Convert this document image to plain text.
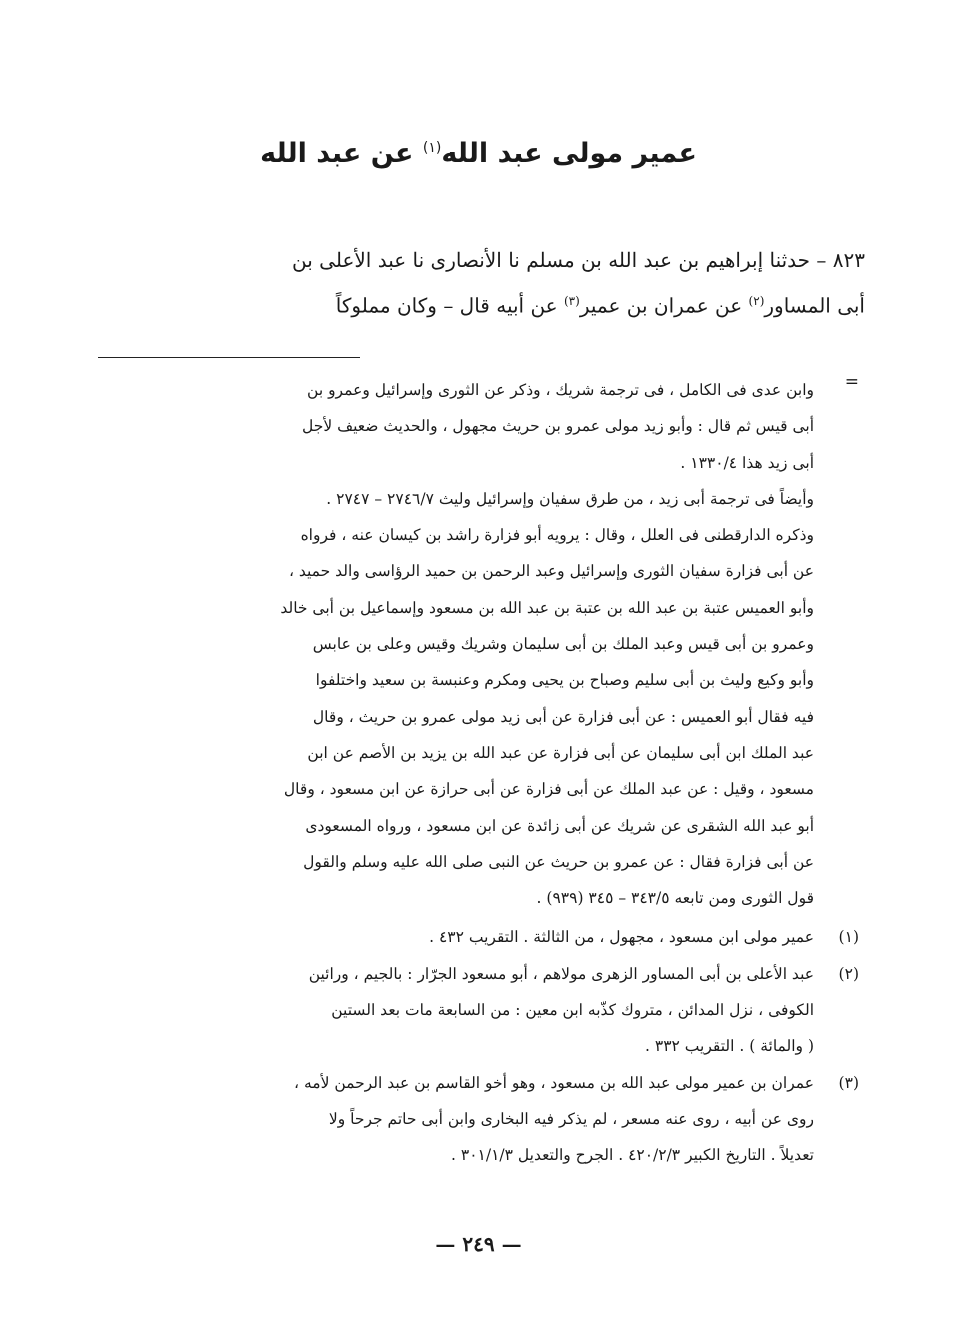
عمير مولى عبد الله$^{(١)}$ عن عبد الله
٨٢٣ – حدثنا إبراهيم بن عبد الله بن مسلم نا الأنصارى نا عبد الأعلى بن
أبى المساور$^{(٢)}$ عن عمران بن عمير$^{(٣)}$ عن أبيه قال – وكان مملوكاً
=
وابن عدى فى الكامل ، فى ترجمة شريك ، وذكر عن الثورى وإسرائيل وعمرو بن
أبى قيس ثم قال : وأبو زيد مولى عمرو بن حريث مجهول ، والحديث ضعيف لأجل
أبى زيد هذا ١٣٣٠/٤ .
وأيضاً فى ترجمة أبى زيد ، من طرق سفيان وإسرائيل وليث ٢٧٤٦/٧ – ٢٧٤٧ .
وذكره الدارقطنى فى العلل ، وقال : يرويه أبو فزارة راشد بن كيسان عنه ، فرواه
عن أبى فزارة سفيان الثورى وإسرائيل وعبد الرحمن بن حميد الرؤاسى والد حميد ،
وأبو العميس عتبة بن عبد الله بن عتبة بن عبد الله بن مسعود وإسماعيل بن أبى خالد
وعمرو بن أبى قيس وعبد الملك بن أبى سليمان وشريك وقيس وعلى بن عابس
وأبو وكيع وليث بن أبى سليم وصباح بن يحيى ومكرم وعنبسة بن سعيد واختلفوا
فيه فقال أبو العميس : عن أبى فزارة عن أبى زيد مولى عمرو بن حريث ، وقال
عبد الملك ابن أبى سليمان عن أبى فزارة عن عبد الله بن يزيد بن الأصم عن ابن
مسعود ، وقيل : عن عبد الملك عن أبى فزارة عن أبى حرازة عن ابن مسعود ، وقال
أبو عبد الله الشقرى عن شريك عن أبى زائدة عن ابن مسعود ، ورواه المسعودى
عن أبى فزارة فقال : عن عمرو بن حريث عن النبى صلى الله عليه وسلم والقول
قول الثورى ومن تابعه ٣٤٣/٥ – ٣٤٥ (٩٣٩) .
(١)
عمير مولى ابن مسعود ، مجهول ، من الثالثة . التقريب ٤٣٢ .
(٢)
عبد الأعلى بن أبى المساور الزهرى مولاهم ، أبو مسعود الجرّار : بالجيم ، ورائين
الكوفى ، نزل المدائن ، متروك كذّبه ابن معين : من السابعة مات بعد الستين
( والمائة ) . التقريب ٣٣٢ .
(٣)
عمران بن عمير مولى عبد الله بن مسعود ، وهو أخو القاسم بن عبد الرحمن لأمه ،
روى عن أبيه ، روى عنه مسعر ، لم يذكر فيه البخارى وابن أبى حاتم جرحاً ولا
تعديلاً . التاريخ الكبير ٤٢٠/٢/٣ . الجرح والتعديل ٣٠١/١/٣ .
— ٢٤٩ —
